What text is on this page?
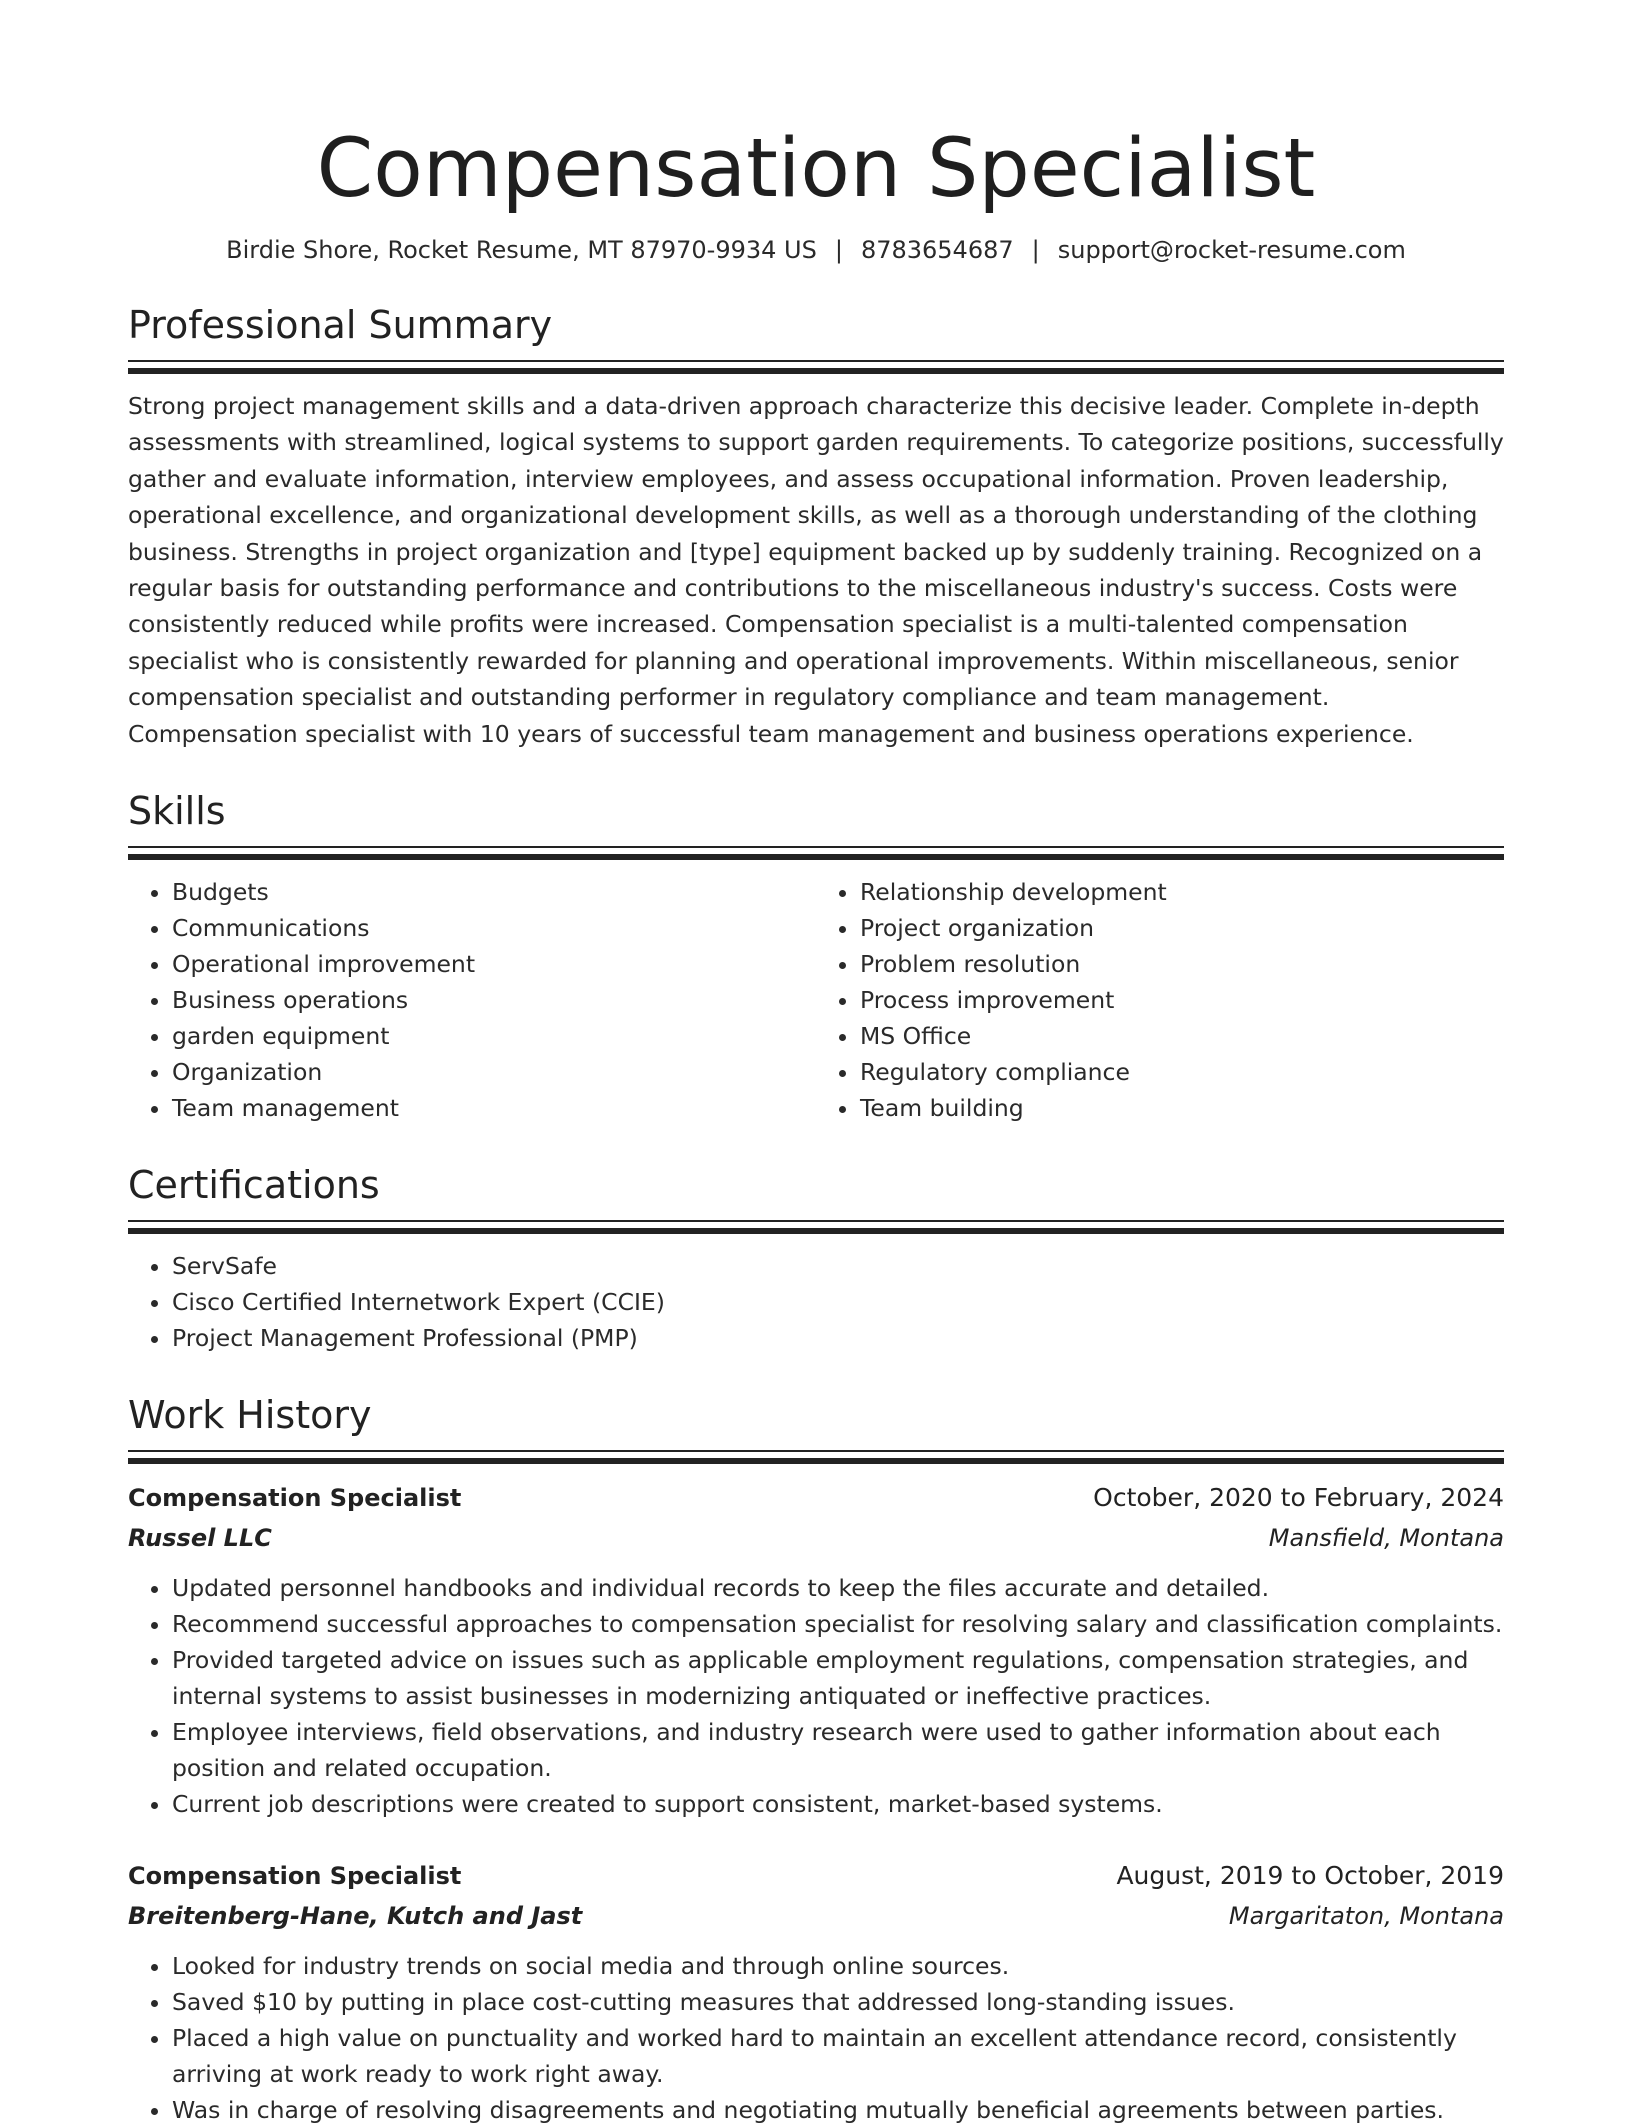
Compensation Specialist
Birdie Shore, Rocket Resume, MT 87970-9934 US | 8783654687 | support@rocket-resume.com
Professional Summary

Strong project management skills and a data-driven approach characterize this decisive leader. Complete in-depth assessments with streamlined, logical systems to support garden requirements. To categorize positions, successfully gather and evaluate information, interview employees, and assess occupational information. Proven leadership, operational excellence, and organizational development skills, as well as a thorough understanding of the clothing business. Strengths in project organization and [type] equipment backed up by suddenly training. Recognized on a regular basis for outstanding performance and contributions to the miscellaneous industry's success. Costs were consistently reduced while profits were increased. Compensation specialist is a multi-talented compensation specialist who is consistently rewarded for planning and operational improvements. Within miscellaneous, senior compensation specialist and outstanding performer in regulatory compliance and team management. Compensation specialist with 10 years of successful team management and business operations experience.

Skills
• Budgets
• Communications
• Operational improvement
• Business operations
• garden equipment
• Organization
• Team management
• Relationship development
• Project organization
• Problem resolution
• Process improvement
• MS Office
• Regulatory compliance
• Team building
Certifications
• ServSafe
• Cisco Certified Internetwork Expert (CCIE)
• Project Management Professional (PMP)
Work History
Compensation Specialist	October, 2020 to February, 2024
Russel LLC	Mansfield, Montana
• Updated personnel handbooks and individual records to keep the files accurate and detailed.
• Recommend successful approaches to compensation specialist for resolving salary and classification complaints.
• Provided targeted advice on issues such as applicable employment regulations, compensation strategies, and internal systems to assist businesses in modernizing antiquated or ineffective practices.
• Employee interviews, field observations, and industry research were used to gather information about each position and related occupation.
• Current job descriptions were created to support consistent, market-based systems.
Compensation Specialist	August, 2019 to October, 2019
Breitenberg-Hane, Kutch and Jast	Margaritaton, Montana
• Looked for industry trends on social media and through online sources.
• Saved $10 by putting in place cost-cutting measures that addressed long-standing issues.
• Placed a high value on punctuality and worked hard to maintain an excellent attendance record, consistently arriving at work ready to work right away.
• Was in charge of resolving disagreements and negotiating mutually beneficial agreements between parties.
